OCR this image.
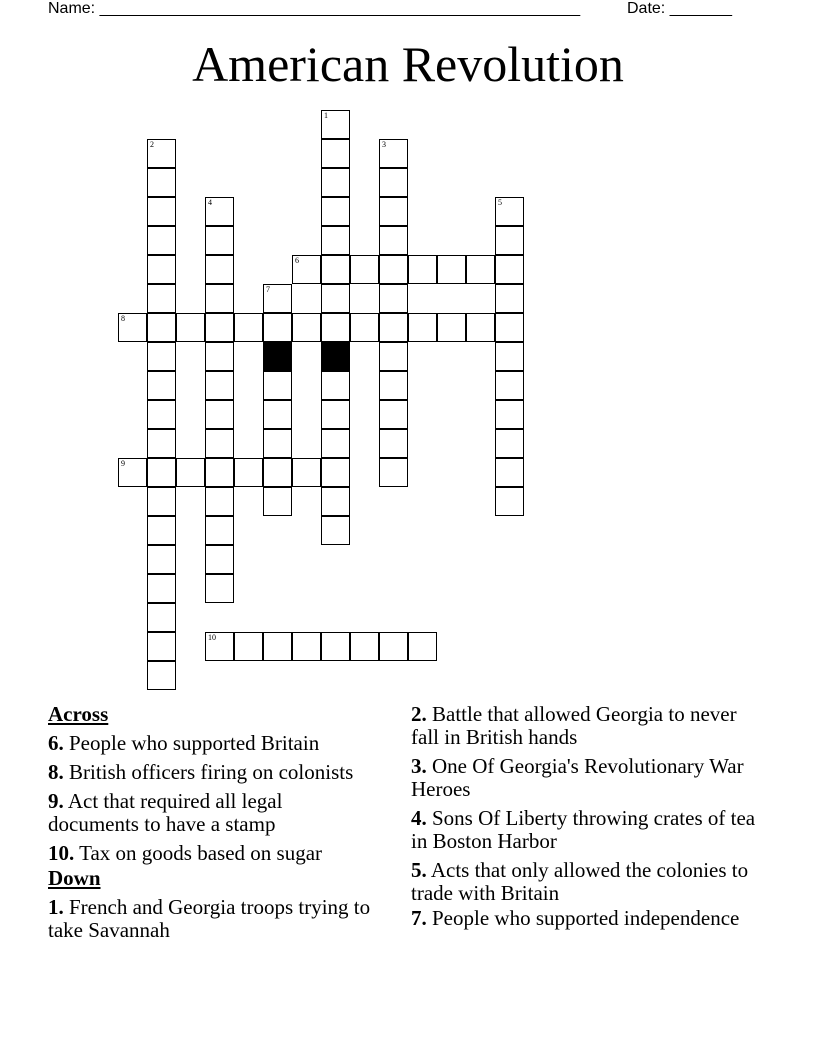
Name: ______________________________________________________	Date: _______
American Revolution
1
2	3
4	5
6
7
8
9
10
Across
6. People who supported Britain
8. British officers firing on colonists
9. Act that required all legal documents to have a stamp
10. Tax on goods based on sugar
Down
1. French and Georgia troops trying to take Savannah
2. Battle that allowed Georgia to never fall in British hands
3. One Of Georgia's Revolutionary War Heroes
4. Sons Of Liberty throwing crates of tea in Boston Harbor
5. Acts that only allowed the colonies to trade with Britain
7. People who supported independence
